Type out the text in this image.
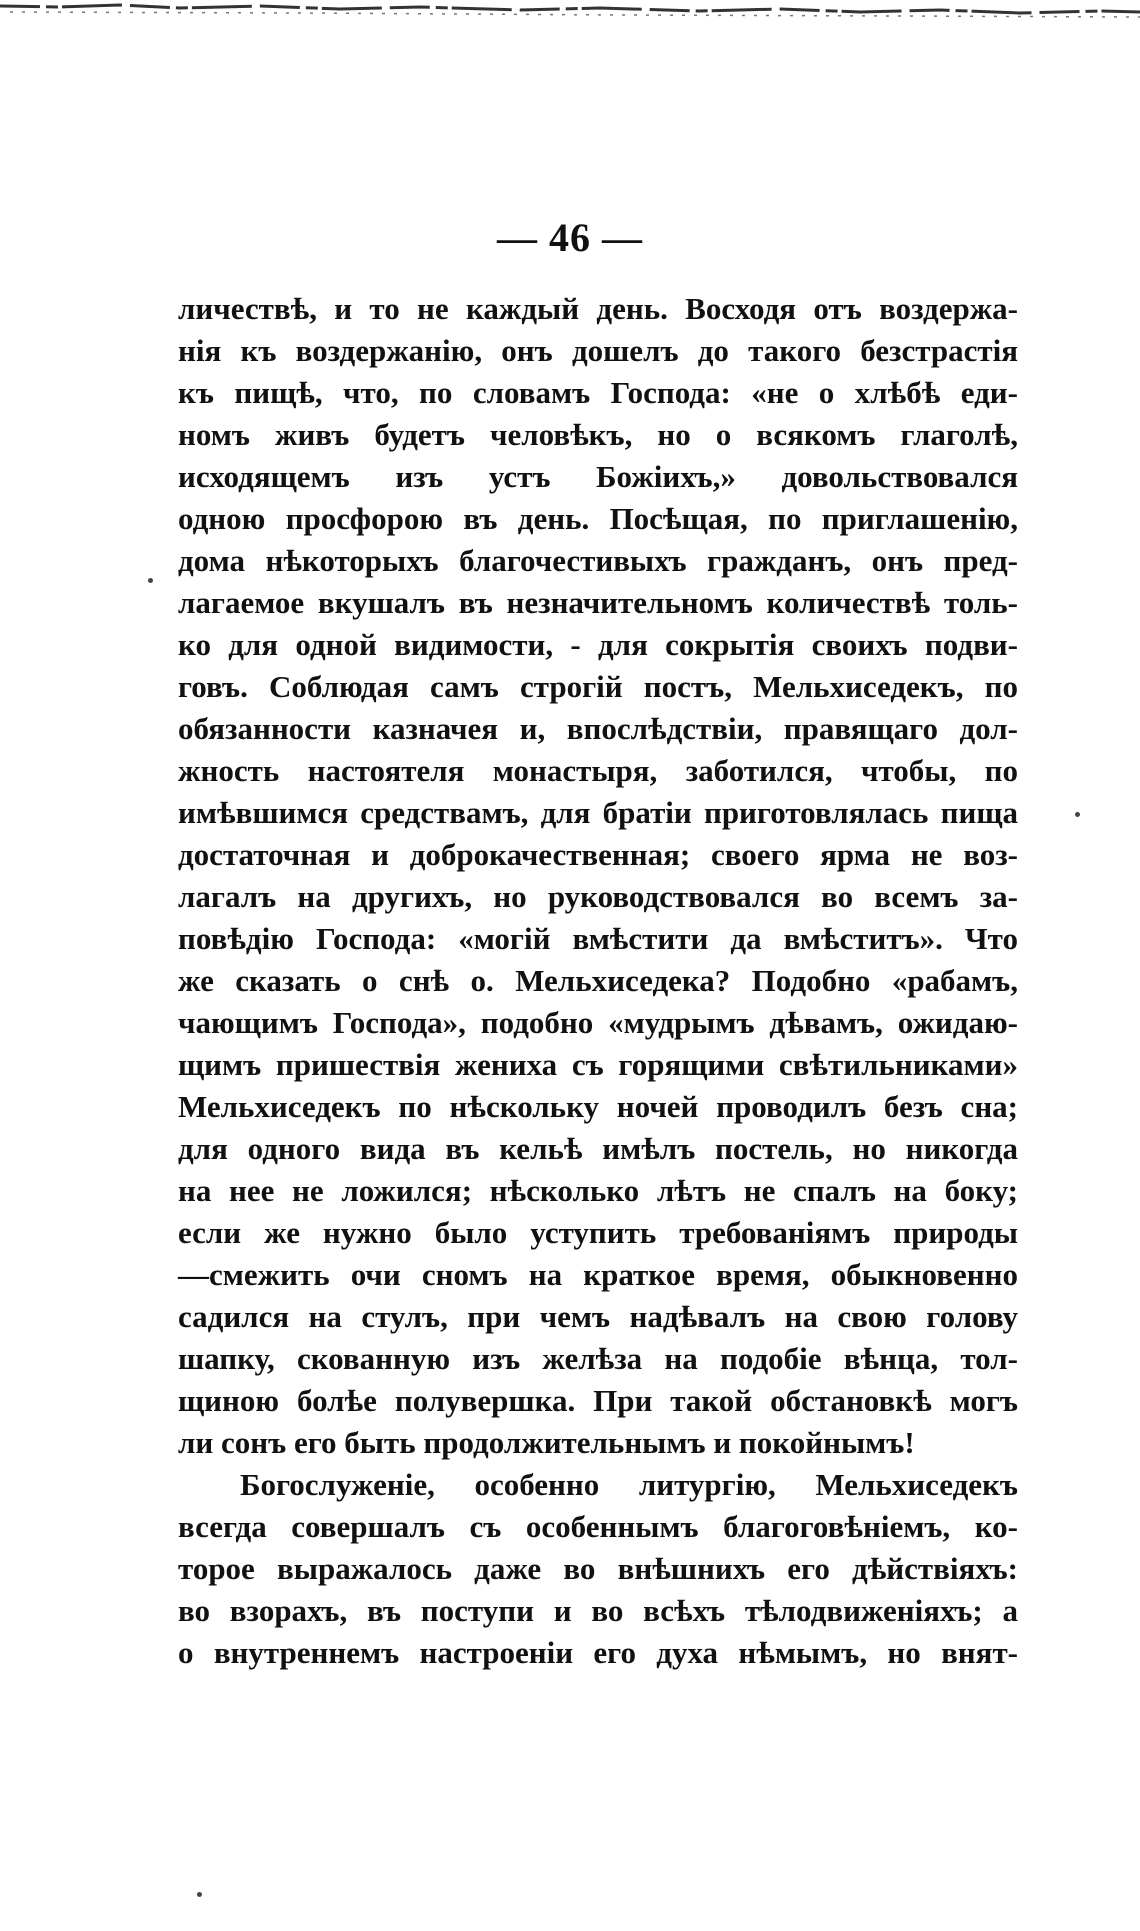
— 46 —
личествѣ, и то не каждый день. Восходя отъ воздержа-
нія къ воздержанію, онъ дошелъ до такого безстрастія
къ пищѣ, что, по словамъ Господа: «не о хлѣбѣ еди-
номъ живъ будетъ человѣкъ, но о всякомъ глаголѣ,
исходящемъ изъ устъ Божіихъ,» довольствовался
одною просфорою въ день. Посѣщая, по приглашенію,
дома нѣкоторыхъ благочестивыхъ гражданъ, онъ пред-
лагаемое вкушалъ въ незначительномъ количествѣ толь-
ко для одной видимости, - для сокрытія своихъ подви-
говъ. Соблюдая самъ строгій постъ, Мельхиседекъ, по
обязанности казначея и, впослѣдствіи, правящаго дол-
жность настоятеля монастыря, заботился, чтобы, по
имѣвшимся средствамъ, для братіи приготовлялась пища
достаточная и доброкачественная; своего ярма не воз-
лагалъ на другихъ, но руководствовался во всемъ за-
повѣдію Господа: «могій вмѣстити да вмѣститъ». Что
же сказать о снѣ о. Мельхиседека? Подобно «рабамъ,
чающимъ Господа», подобно «мудрымъ дѣвамъ, ожидаю-
щимъ пришествія жениха съ горящими свѣтильниками»
Мельхиседекъ по нѣскольку ночей проводилъ безъ сна;
для одного вида въ кельѣ имѣлъ постель, но никогда
на нее не ложился; нѣсколько лѣтъ не спалъ на боку;
если же нужно было уступить требованіямъ природы
—смежить очи сномъ на краткое время, обыкновенно
садился на стулъ, при чемъ надѣвалъ на свою голову
шапку, скованную изъ желѣза на подобіе вѣнца, тол-
щиною болѣе полувершка. При такой обстановкѣ могъ
ли сонъ его быть продолжительнымъ и покойнымъ!
Богослуженіе, особенно литургію, Мельхиседекъ
всегда совершалъ съ особеннымъ благоговѣніемъ, ко-
торое выражалось даже во внѣшнихъ его дѣйствіяхъ:
во взорахъ, въ поступи и во всѣхъ тѣлодвиженіяхъ; а
о внутреннемъ настроеніи его духа нѣмымъ, но внят-
